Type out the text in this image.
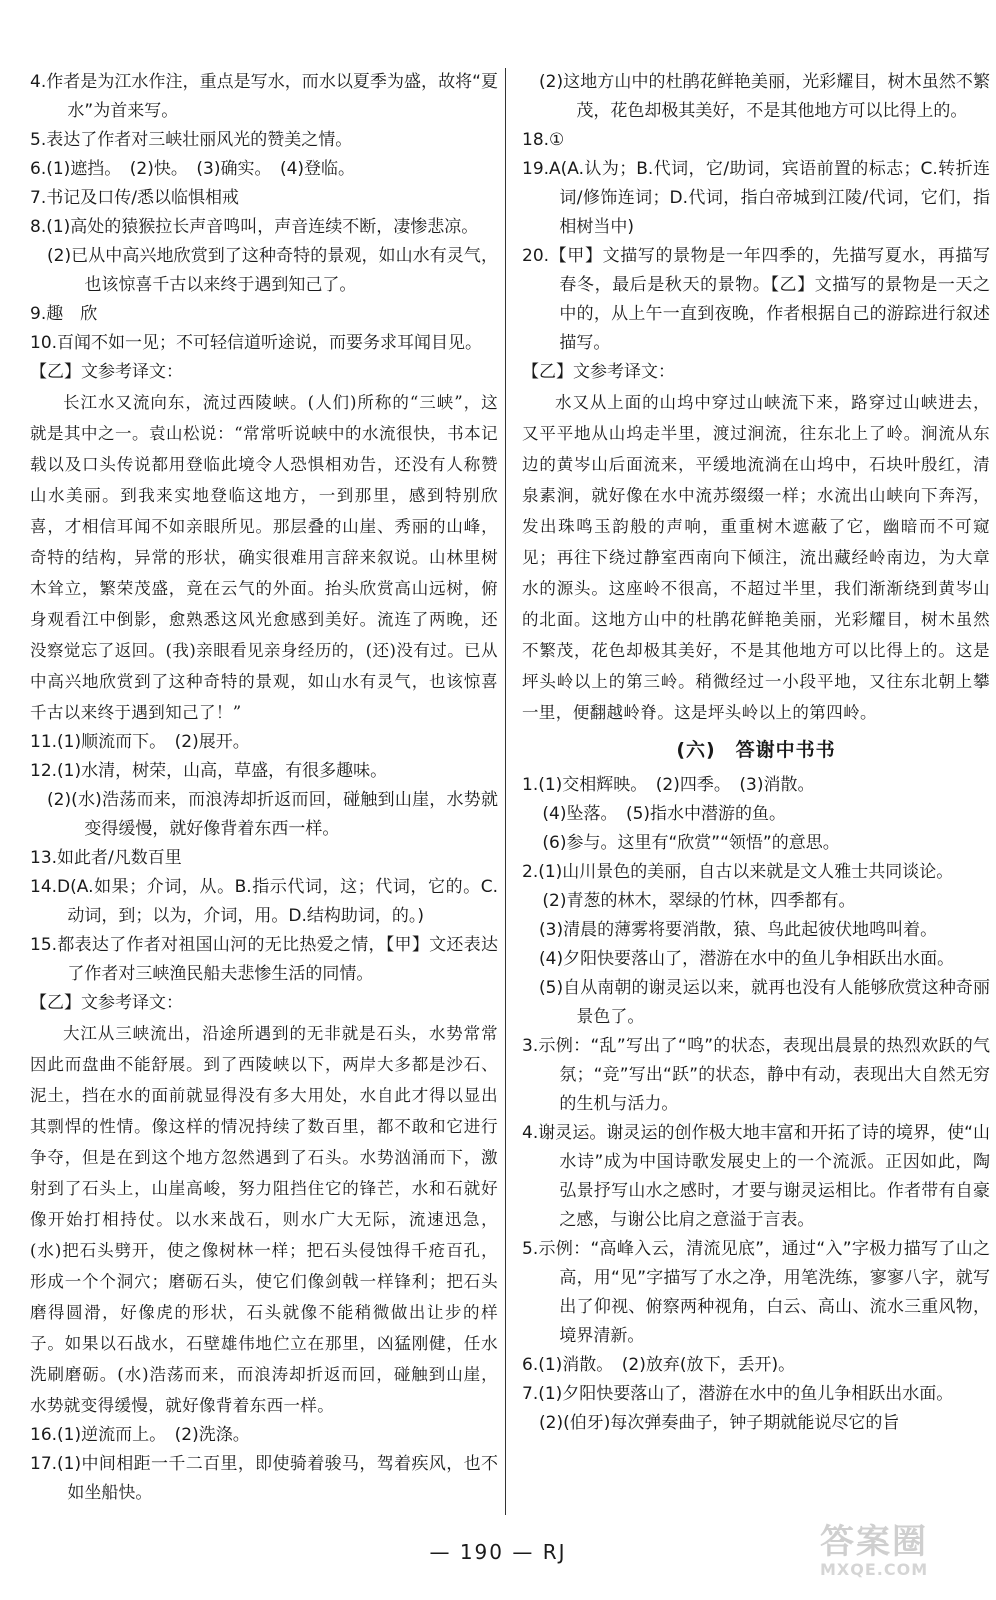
4.作者是为江水作注，重点是写水，而水以夏季为盛，故将“夏水”为首来写。

5.表达了作者对三峡壮丽风光的赞美之情。

6.(1)遮挡。　(2)快。　(3)确实。　(4)登临。

7.书记及口传/悉以临惧相戒

8.(1)高处的猿猴拉长声音鸣叫，声音连续不断，凄惨悲凉。

(2)已从中高兴地欣赏到了这种奇特的景观，如山水有灵气，也该惊喜千古以来终于遇到知己了。

9.趣　欣

10.百闻不如一见；不可轻信道听途说，而要务求耳闻目见。

【乙】文参考译文：

长江水又流向东，流过西陵峡。(人们)所称的“三峡”，这就是其中之一。袁山松说：“常常听说峡中的水流很快，书本记载以及口头传说都用登临此境令人恐惧相劝告，还没有人称赞山水美丽。到我来实地登临这地方，一到那里，感到特别欣喜，才相信耳闻不如亲眼所见。那层叠的山崖、秀丽的山峰，奇特的结构，异常的形状，确实很难用言辞来叙说。山林里树木耸立，繁荣茂盛，竟在云气的外面。抬头欣赏高山远树，俯身观看江中倒影，愈熟悉这风光愈感到美好。流连了两晚，还没察觉忘了返回。(我)亲眼看见亲身经历的，(还)没有过。已从中高兴地欣赏到了这种奇特的景观，如山水有灵气，也该惊喜千古以来终于遇到知己了！”

11.(1)顺流而下。　(2)展开。

12.(1)水清，树荣，山高，草盛，有很多趣味。

(2)(水)浩荡而来，而浪涛却折返而回，碰触到山崖，水势就变得缓慢，就好像背着东西一样。

13.如此者/凡数百里

14.D(A.如果；介词，从。B.指示代词，这；代词，它的。C.动词，到；以为，介词，用。D.结构助词，的。)

15.都表达了作者对祖国山河的无比热爱之情，【甲】文还表达了作者对三峡渔民船夫悲惨生活的同情。

【乙】文参考译文：

大江从三峡流出，沿途所遇到的无非就是石头，水势常常因此而盘曲不能舒展。到了西陵峡以下，两岸大多都是沙石、泥土，挡在水的面前就显得没有多大用处，水自此才得以显出其剽悍的性情。像这样的情况持续了数百里，都不敢和它进行争夺，但是在到这个地方忽然遇到了石头。水势汹涌而下，激射到了石头上，山崖高峻，努力阻挡住它的锋芒，水和石就好像开始打相持仗。以水来战石，则水广大无际，流速迅急，(水)把石头劈开，使之像树林一样；把石头侵蚀得千疮百孔，形成一个个洞穴；磨砺石头，使它们像剑戟一样锋利；把石头磨得圆滑，好像虎的形状，石头就像不能稍微做出让步的样子。如果以石战水，石壁雄伟地伫立在那里，凶猛刚健，任水洗刷磨砺。(水)浩荡而来，而浪涛却折返而回，碰触到山崖，水势就变得缓慢，就好像背着东西一样。

16.(1)逆流而上。　(2)洗涤。

17.(1)中间相距一千二百里，即使骑着骏马，驾着疾风，也不如坐船快。

(2)这地方山中的杜鹃花鲜艳美丽，光彩耀目，树木虽然不繁茂，花色却极其美好，不是其他地方可以比得上的。

18.①

19.A(A.认为；B.代词，它/助词，宾语前置的标志；C.转折连词/修饰连词；D.代词，指白帝城到江陵/代词，它们，指相树当中)

20.【甲】文描写的景物是一年四季的，先描写夏水，再描写春冬，最后是秋天的景物。【乙】文描写的景物是一天之中的，从上午一直到夜晚，作者根据自己的游踪进行叙述描写。

【乙】文参考译文：

水又从上面的山坞中穿过山峡流下来，路穿过山峡进去，又平平地从山坞走半里，渡过涧流，往东北上了岭。涧流从东边的黄岑山后面流来，平缓地流淌在山坞中，石块叶殷红，清泉素涧，就好像在水中流苏缀缀一样；水流出山峡向下奔泻，发出珠鸣玉韵般的声响，重重树木遮蔽了它，幽暗而不可窥见；再往下绕过静室西南向下倾注，流出藏经岭南边，为大章水的源头。这座岭不很高，不超过半里，我们渐渐绕到黄岑山的北面。这地方山中的杜鹃花鲜艳美丽，光彩耀目，树木虽然不繁茂，花色却极其美好，不是其他地方可以比得上的。这是坪头岭以上的第三岭。稍微经过一小段平地，又往东北朝上攀一里，便翻越岭脊。这是坪头岭以上的第四岭。

(六)　答谢中书书

1.(1)交相辉映。　(2)四季。　(3)消散。

(4)坠落。　(5)指水中潜游的鱼。

(6)参与。这里有“欣赏”“领悟”的意思。

2.(1)山川景色的美丽，自古以来就是文人雅士共同谈论。

(2)青葱的林木，翠绿的竹林，四季都有。

(3)清晨的薄雾将要消散，猿、鸟此起彼伏地鸣叫着。

(4)夕阳快要落山了，潜游在水中的鱼儿争相跃出水面。

(5)自从南朝的谢灵运以来，就再也没有人能够欣赏这种奇丽景色了。

3.示例：“乱”写出了“鸣”的状态，表现出晨景的热烈欢跃的气氛；“竞”写出“跃”的状态，静中有动，表现出大自然无穷的生机与活力。

4.谢灵运。谢灵运的创作极大地丰富和开拓了诗的境界，使“山水诗”成为中国诗歌发展史上的一个流派。正因如此，陶弘景抒写山水之感时，才要与谢灵运相比。作者带有自豪之感，与谢公比肩之意溢于言表。

5.示例：“高峰入云，清流见底”，通过“入”字极力描写了山之高，用“见”字描写了水之净，用笔洗练，寥寥八字，就写出了仰视、俯察两种视角，白云、高山、流水三重风物，境界清新。

6.(1)消散。　(2)放弃(放下，丢开)。

7.(1)夕阳快要落山了，潜游在水中的鱼儿争相跃出水面。

(2)(伯牙)每次弹奏曲子，钟子期就能说尽它的旨

— 190 — RJ	答案圈
MXQE.COM
